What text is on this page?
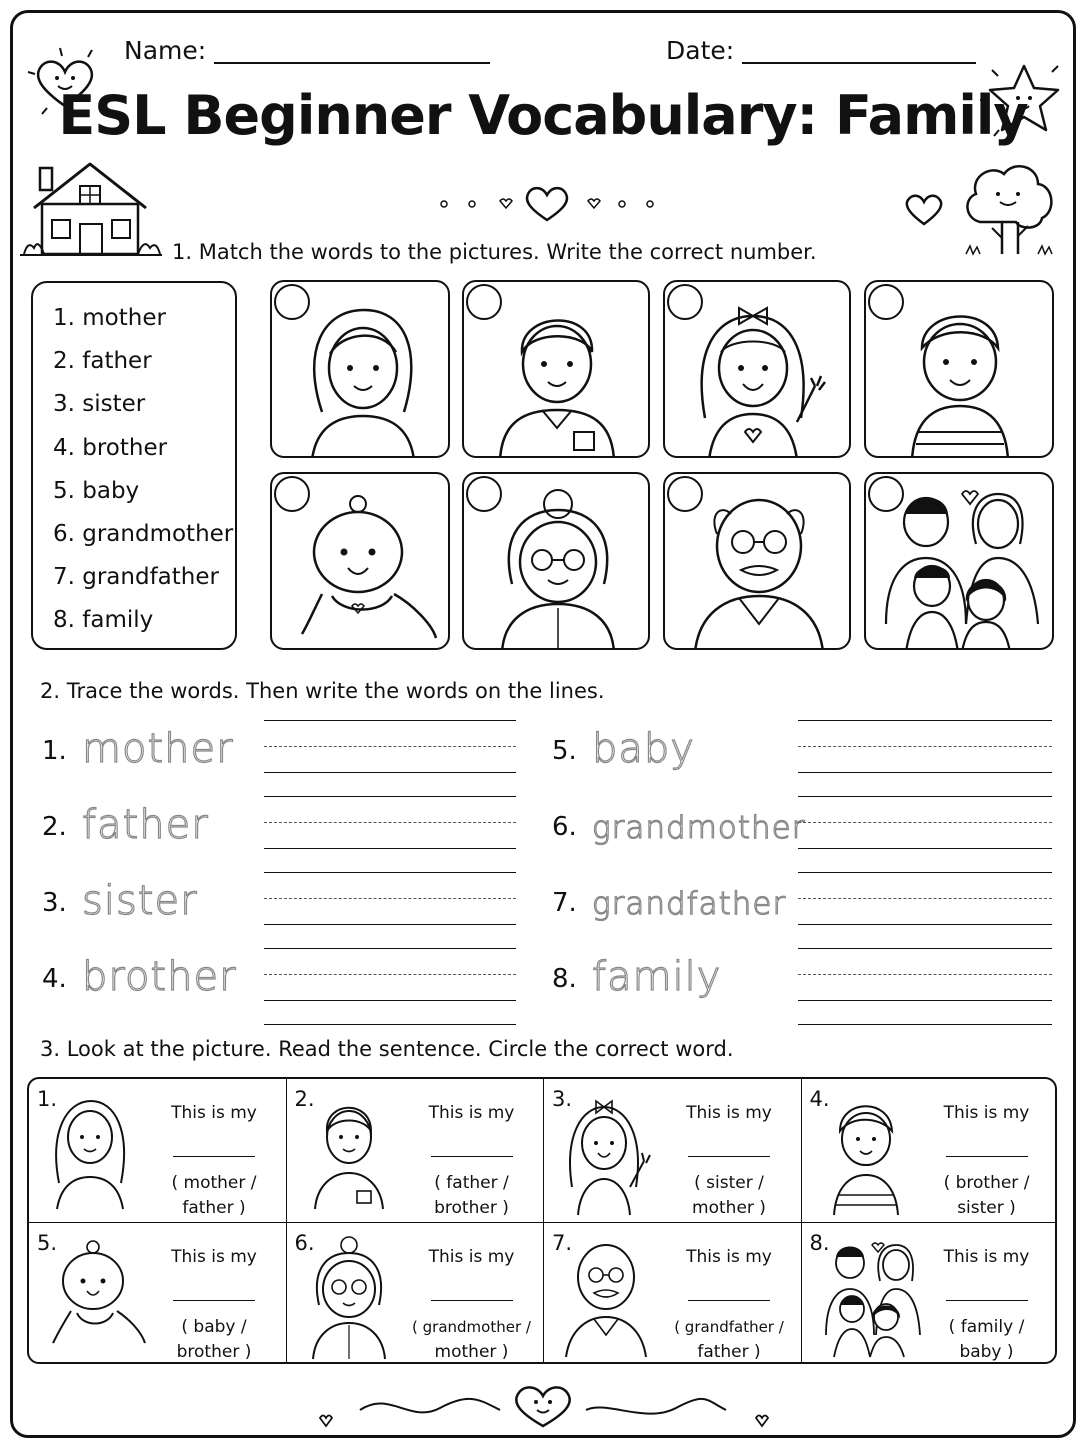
Name:	Date:
ESL Beginner Vocabulary: Family
1. Match the words to the pictures. Write the correct number.
1. mother
2. father
3. sister
4. brother
5. baby
6. grandmother
7. grandfather
8. family
2. Trace the words. Then write the words on the lines.
1. mother
2. father
3. sister
4. brother
5. baby
6. grandmother
7. grandfather
8. family
3. Look at the picture. Read the sentence. Circle the correct word.
1.
This is my
( mother /
father )
2.
This is my
( father /
brother )
3.
This is my
( sister /
mother )
4.
This is my
( brother /
sister )
5.
This is my
( baby /
brother )
6.
This is my
( grandmother /
mother )
7.
This is my
( grandfather /
father )
8.
This is my
( family /
baby )
